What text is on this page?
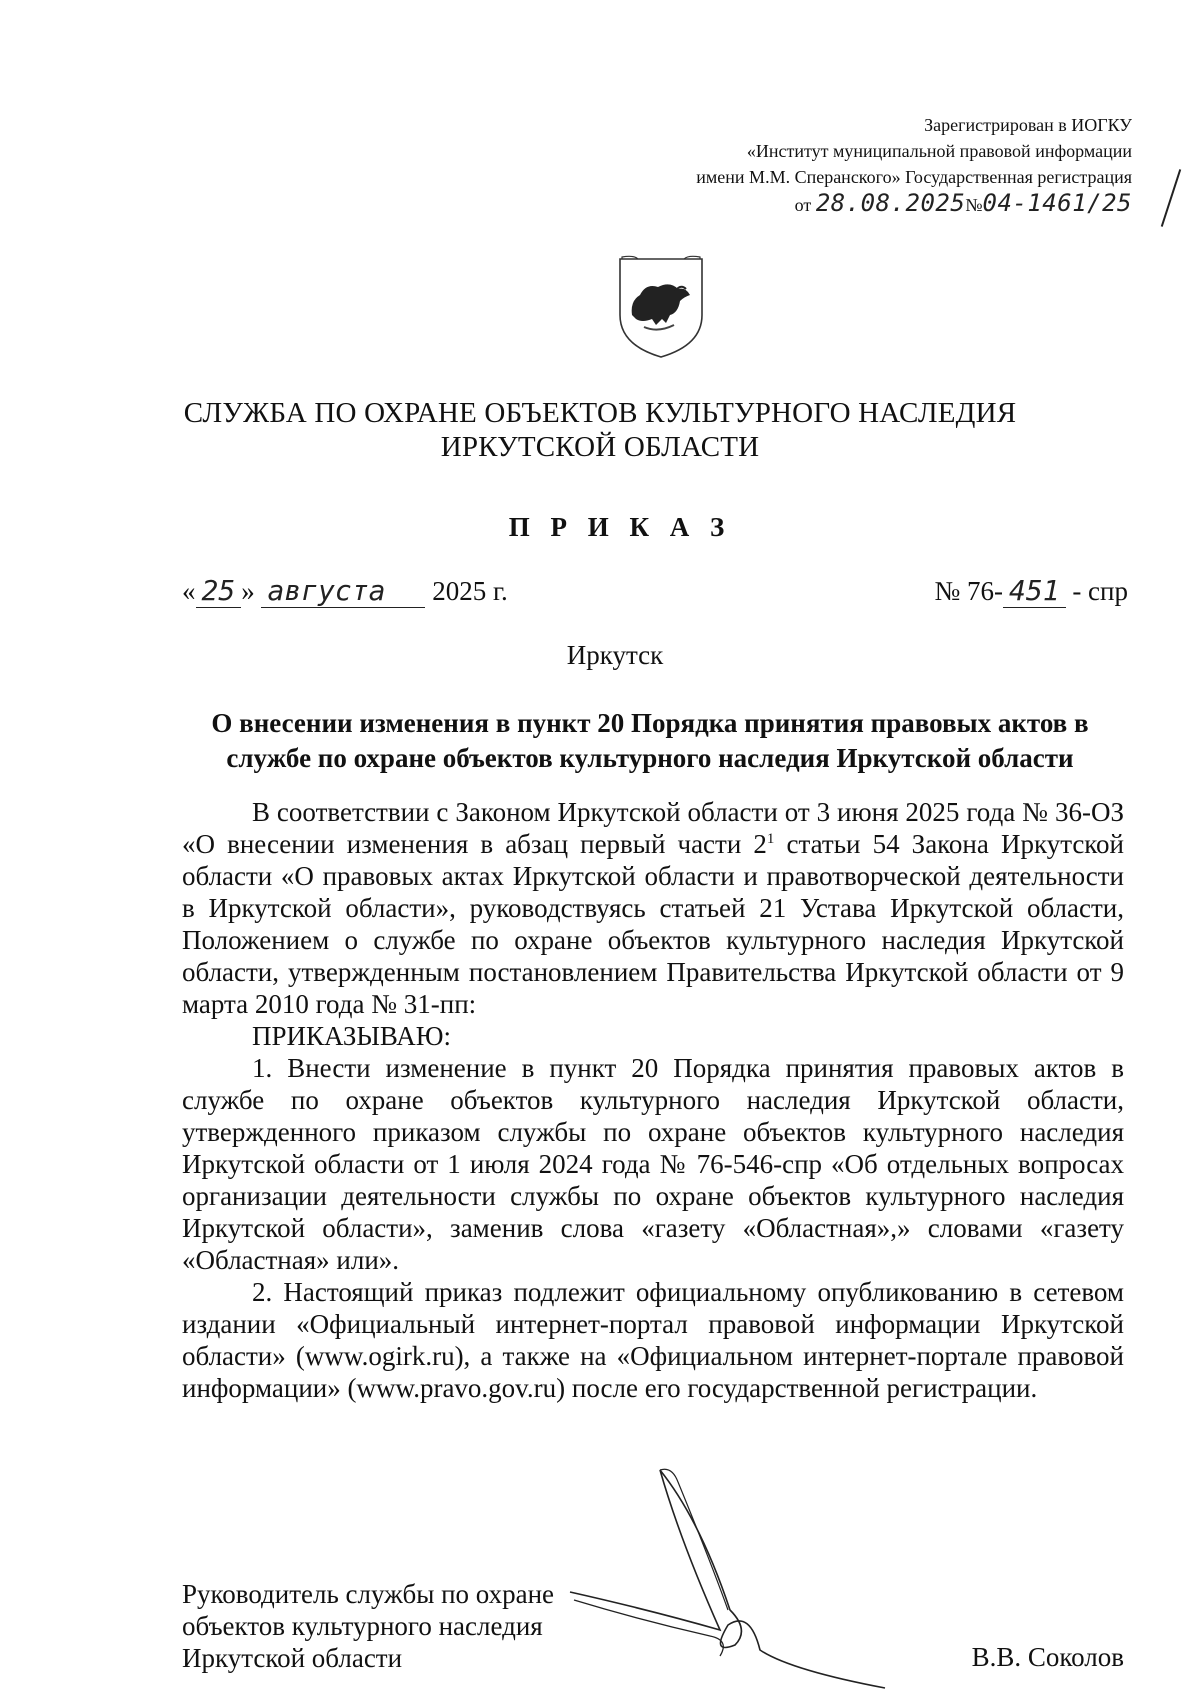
Зарегистрирован в ИОГКУ
«Институт муниципальной правовой информации
имени М.М. Сперанского» Государственная регистрация
от 28.08.2025№04-1461/25
СЛУЖБА ПО ОХРАНЕ ОБЪЕКТОВ КУЛЬТУРНОГО НАСЛЕДИЯ
ИРКУТСКОЙ ОБЛАСТИ
П Р И К А З
« 25 » августа 2025 г.	№ 76- 451 - спр
Иркутск
О внесении изменения в пункт 20 Порядка принятия правовых актов в
службе по охране объектов культурного наследия Иркутской области

В соответствии с Законом Иркутской области от 3 июня 2025 года № 36-ОЗ «О внесении изменения в абзац первый части $2^1$ статьи 54 Закона Иркутской области «О правовых актах Иркутской области и правотворческой деятельности в Иркутской области», руководствуясь статьей 21 Устава Иркутской области, Положением о службе по охране объектов культурного наследия Иркутской области, утвержденным постановлением Правительства Иркутской области от 9 марта 2010 года № 31-пп:

ПРИКАЗЫВАЮ:

1. Внести изменение в пункт 20 Порядка принятия правовых актов в службе по охране объектов культурного наследия Иркутской области, утвержденного приказом службы по охране объектов культурного наследия Иркутской области от 1 июля 2024 года № 76-546-спр «Об отдельных вопросах организации деятельности службы по охране объектов культурного наследия Иркутской области», заменив слова «газету «Областная»,» словами «газету «Областная» или».

2. Настоящий приказ подлежит официальному опубликованию в сетевом издании «Официальный интернет-портал правовой информации Иркутской области» (www.ogirk.ru), а также на «Официальном интернет-портале правовой информации» (www.pravo.gov.ru) после его государственной регистрации.

Руководитель службы по охране
объектов культурного наследия
Иркутской области	В.В. Соколов
